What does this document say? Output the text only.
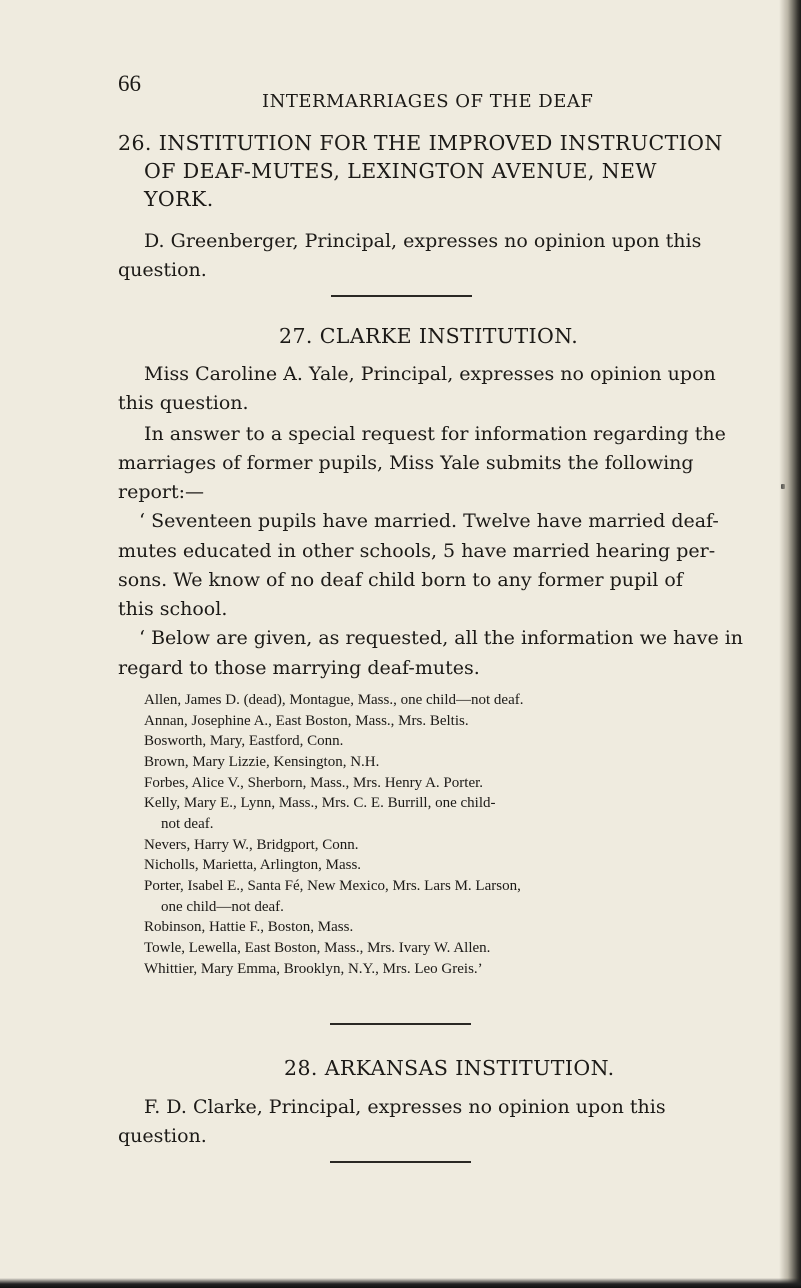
66
INTERMARRIAGES OF THE DEAF
26. INSTITUTION FOR THE IMPROVED INSTRUCTION
OF DEAF-MUTES, LEXINGTON AVENUE, NEW
YORK.
D. Greenberger, Principal, expresses no opinion upon this
question.
27. CLARKE INSTITUTION.
Miss Caroline A. Yale, Principal, expresses no opinion upon
this question.
In answer to a special request for information regarding the
marriages of former pupils, Miss Yale submits the following
report:—
‘ Seventeen pupils have married. Twelve have married deaf-
mutes educated in other schools, 5 have married hearing per-
sons. We know of no deaf child born to any former pupil of
this school.
‘ Below are given, as requested, all the information we have in
regard to those marrying deaf-mutes.
Allen, James D. (dead), Montague, Mass., one child—not deaf.
Annan, Josephine A., East Boston, Mass., Mrs. Beltis.
Bosworth, Mary, Eastford, Conn.
Brown, Mary Lizzie, Kensington, N.H.
Forbes, Alice V., Sherborn, Mass., Mrs. Henry A. Porter.
Kelly, Mary E., Lynn, Mass., Mrs. C. E. Burrill, one child-
not deaf.
Nevers, Harry W., Bridgport, Conn.
Nicholls, Marietta, Arlington, Mass.
Porter, Isabel E., Santa Fé, New Mexico, Mrs. Lars M. Larson,
one child—not deaf.
Robinson, Hattie F., Boston, Mass.
Towle, Lewella, East Boston, Mass., Mrs. Ivary W. Allen.
Whittier, Mary Emma, Brooklyn, N.Y., Mrs. Leo Greis.’
28. ARKANSAS INSTITUTION.
F. D. Clarke, Principal, expresses no opinion upon this
question.
